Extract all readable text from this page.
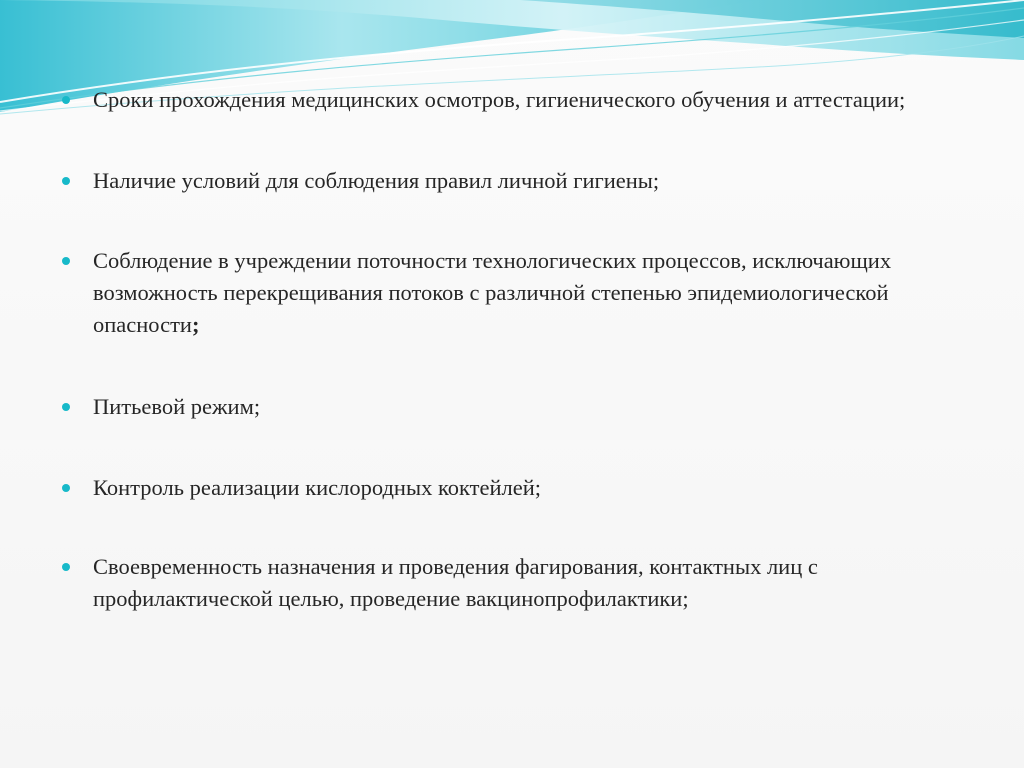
Сроки прохождения медицинских осмотров, гигиенического обучения и аттестации;
Наличие условий для соблюдения правил личной гигиены;
Соблюдение в учреждении поточности технологических процессов, исключающих возможность перекрещивания потоков с различной степенью эпидемиологической опасности;
Питьевой режим;
Контроль реализации кислородных коктейлей;
Своевременность назначения и проведения фагирования, контактных лиц с профилактической целью, проведение вакцинопрофилактики;
